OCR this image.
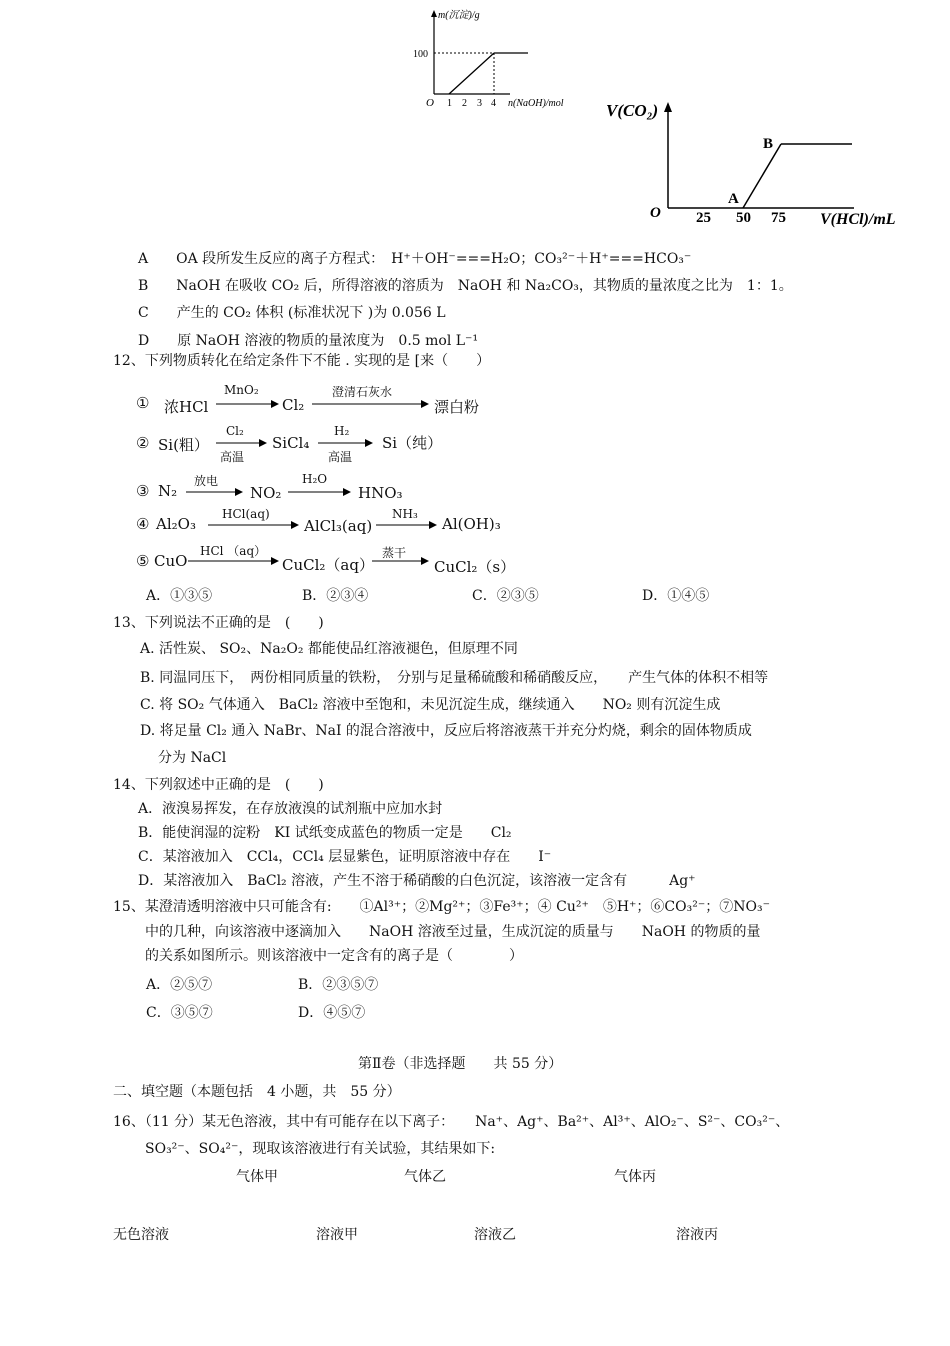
m(沉淀)/g
100
O 1 2 3 4 n(NaOH)/mol V(CO₂)
B
A
O 25 50 75 V(HCl)/mL
A　　OA 段所发生反应的离子方程式：　H⁺＋OH⁻===H₂O；CO₃²⁻＋H⁺===HCO₃⁻
B　　NaOH 在吸收 CO₂ 后，所得溶液的溶质为　NaOH 和 Na₂CO₃，其物质的量浓度之比为　1：1。
C　　产生的 CO₂ 体积 (标准状况下 )为 0.056 L
D　　原 NaOH 溶液的物质的量浓度为　0.5 mol L⁻¹
12、下列物质转化在给定条件下不能 . 实现的是 [来（　　）
① 浓HCl
MnO₂
Cl₂
澄清石灰水
漂白粉
② Si(粗）
Cl₂
高温
SiCl₄
H₂
高温
Si（纯）
③ N₂
放电
→ NO₂
H₂O
HNO₃
④ Al₂O₃
HCl(aq)
AlCl₃(aq)
NH₃
Al(OH)₃
⑤ CuO
HCl （aq）
CuCl₂（aq）
蒸干
→ CuCl₂（s）
A．①③⑤	B．②③④	C．②③⑤	D．①④⑤
13、下列说法不正确的是　(　　)
A. 活性炭、 SO₂、Na₂O₂ 都能使品红溶液褪色，但原理不同
B. 同温同压下，　两份相同质量的铁粉，　分别与足量稀硫酸和稀硝酸反应，　　产生气体的体积不相等
C. 将 SO₂ 气体通入　BaCl₂ 溶液中至饱和，未见沉淀生成，继续通入　　NO₂ 则有沉淀生成
D. 将足量 Cl₂ 通入 NaBr、NaI 的混合溶液中，反应后将溶液蒸干并充分灼烧，剩余的固体物质成
分为 NaCl
14、下列叙述中正确的是　(　　)
A．液溴易挥发，在存放液溴的试剂瓶中应加水封
B．能使润湿的淀粉　KI 试纸变成蓝色的物质一定是　　Cl₂
C．某溶液加入　CCl₄，CCl₄ 层显紫色，证明原溶液中存在　　I⁻
D．某溶液加入　BaCl₂ 溶液，产生不溶于稀硝酸的白色沉淀，该溶液一定含有　　　Ag⁺
15、某澄清透明溶液中只可能含有:　　①Al³⁺；②Mg²⁺；③Fe³⁺；④ Cu²⁺　⑤H⁺；⑥CO₃²⁻；⑦NO₃⁻
中的几种，向该溶液中逐滴加入　　NaOH 溶液至过量，生成沉淀的质量与　　NaOH 的物质的量
的关系如图所示。则该溶液中一定含有的离子是（　　　　）
A．②⑤⑦	B．②③⑤⑦
C．③⑤⑦	D．④⑤⑦
第Ⅱ卷（非选择题　　共 55 分）
二、填空题（本题包括　4 小题，共　55 分）
16、（11 分）某无色溶液，其中有可能存在以下离子：　　Na⁺、Ag⁺、Ba²⁺、Al³⁺、AlO₂⁻、S²⁻、CO₃²⁻、
SO₃²⁻、SO₄²⁻，现取该溶液进行有关试验，其结果如下:
气体甲	气体乙	气体丙
无色溶液	溶液甲	溶液乙	溶液丙
